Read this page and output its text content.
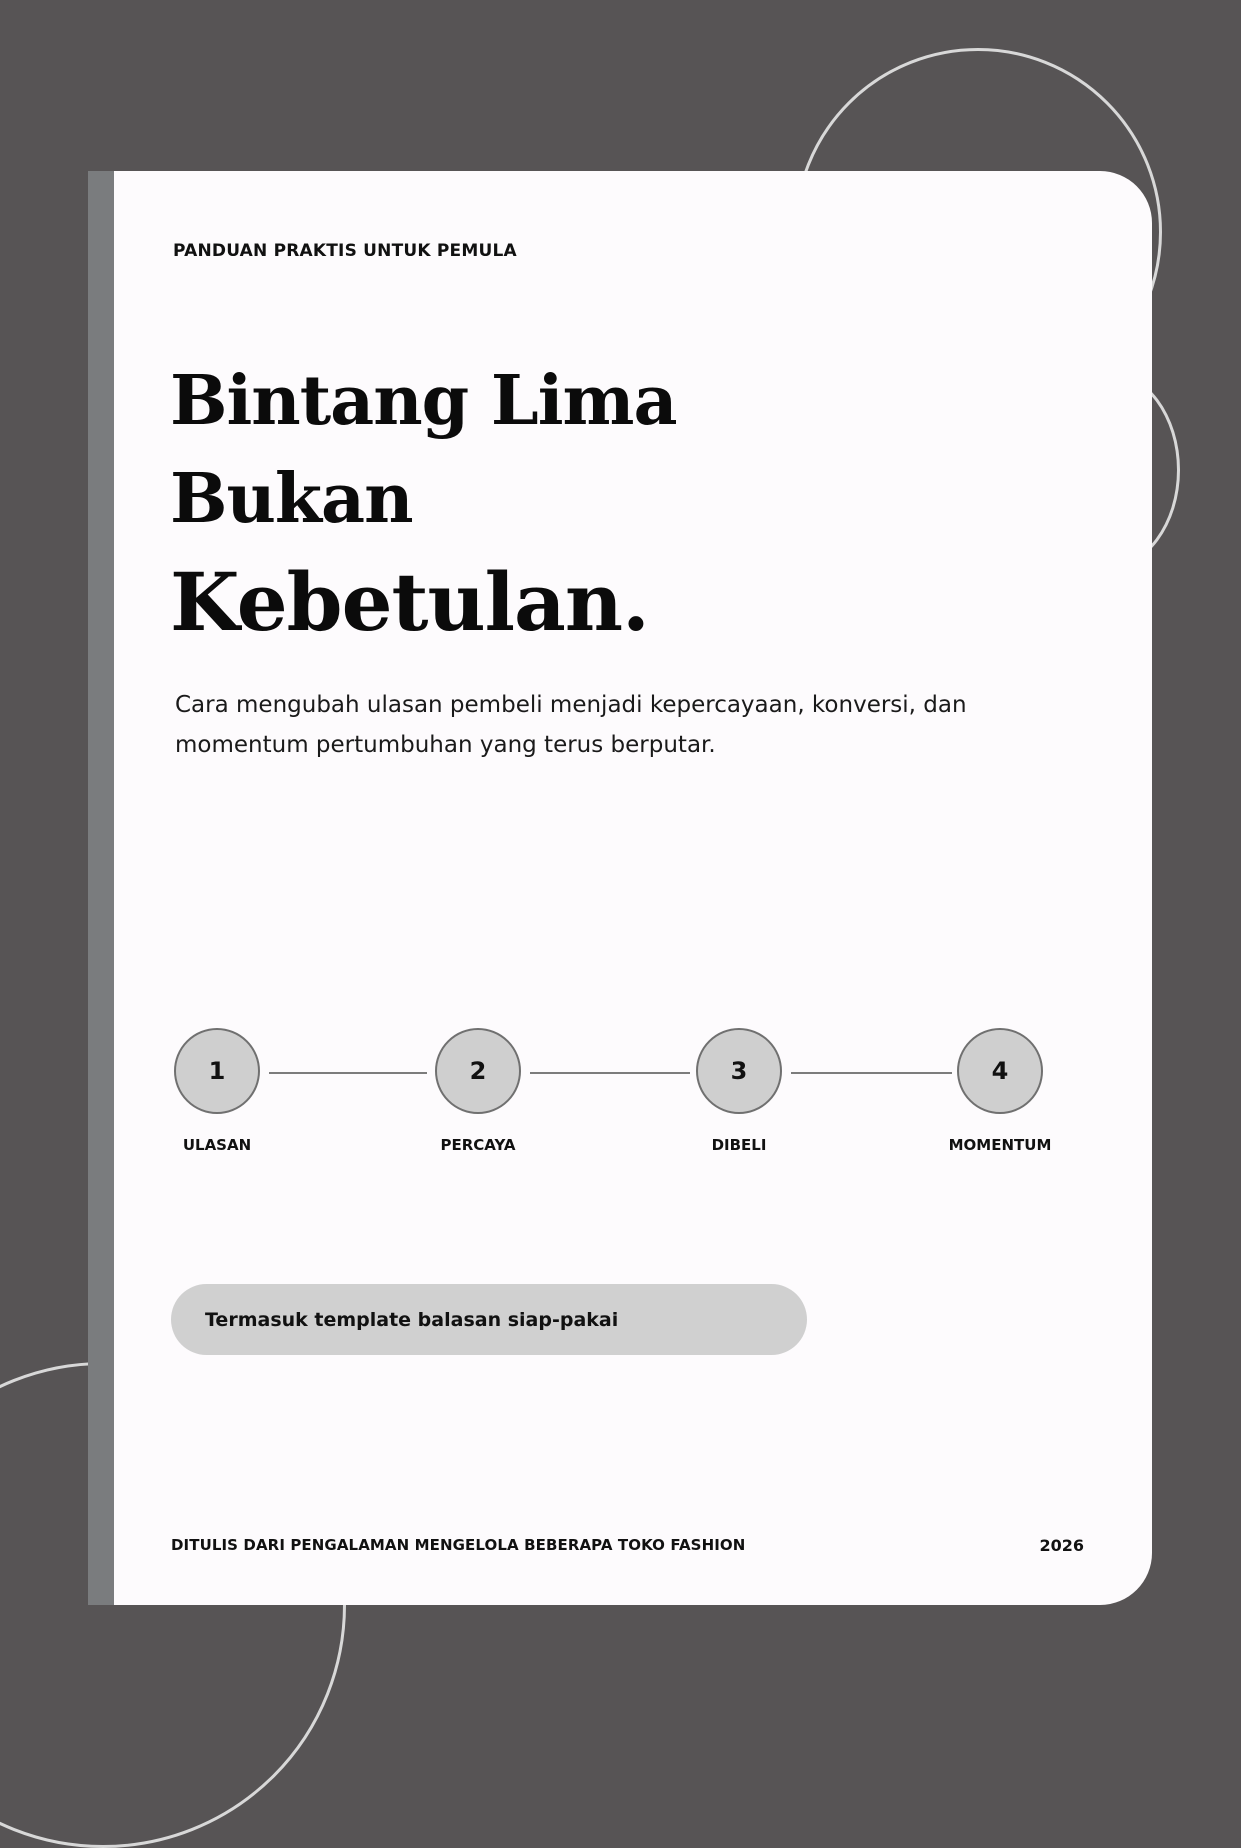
PANDUAN PRAKTIS UNTUK PEMULA
Bintang Lima
Bukan
Kebetulan.
Cara mengubah ulasan pembeli menjadi kepercayaan, konversi, dan momentum pertumbuhan yang terus berputar.
1	2	3	4
ULASAN	PERCAYA	DIBELI	MOMENTUM
Termasuk template balasan siap-pakai
DITULIS DARI PENGALAMAN MENGELOLA BEBERAPA TOKO FASHION	2026
